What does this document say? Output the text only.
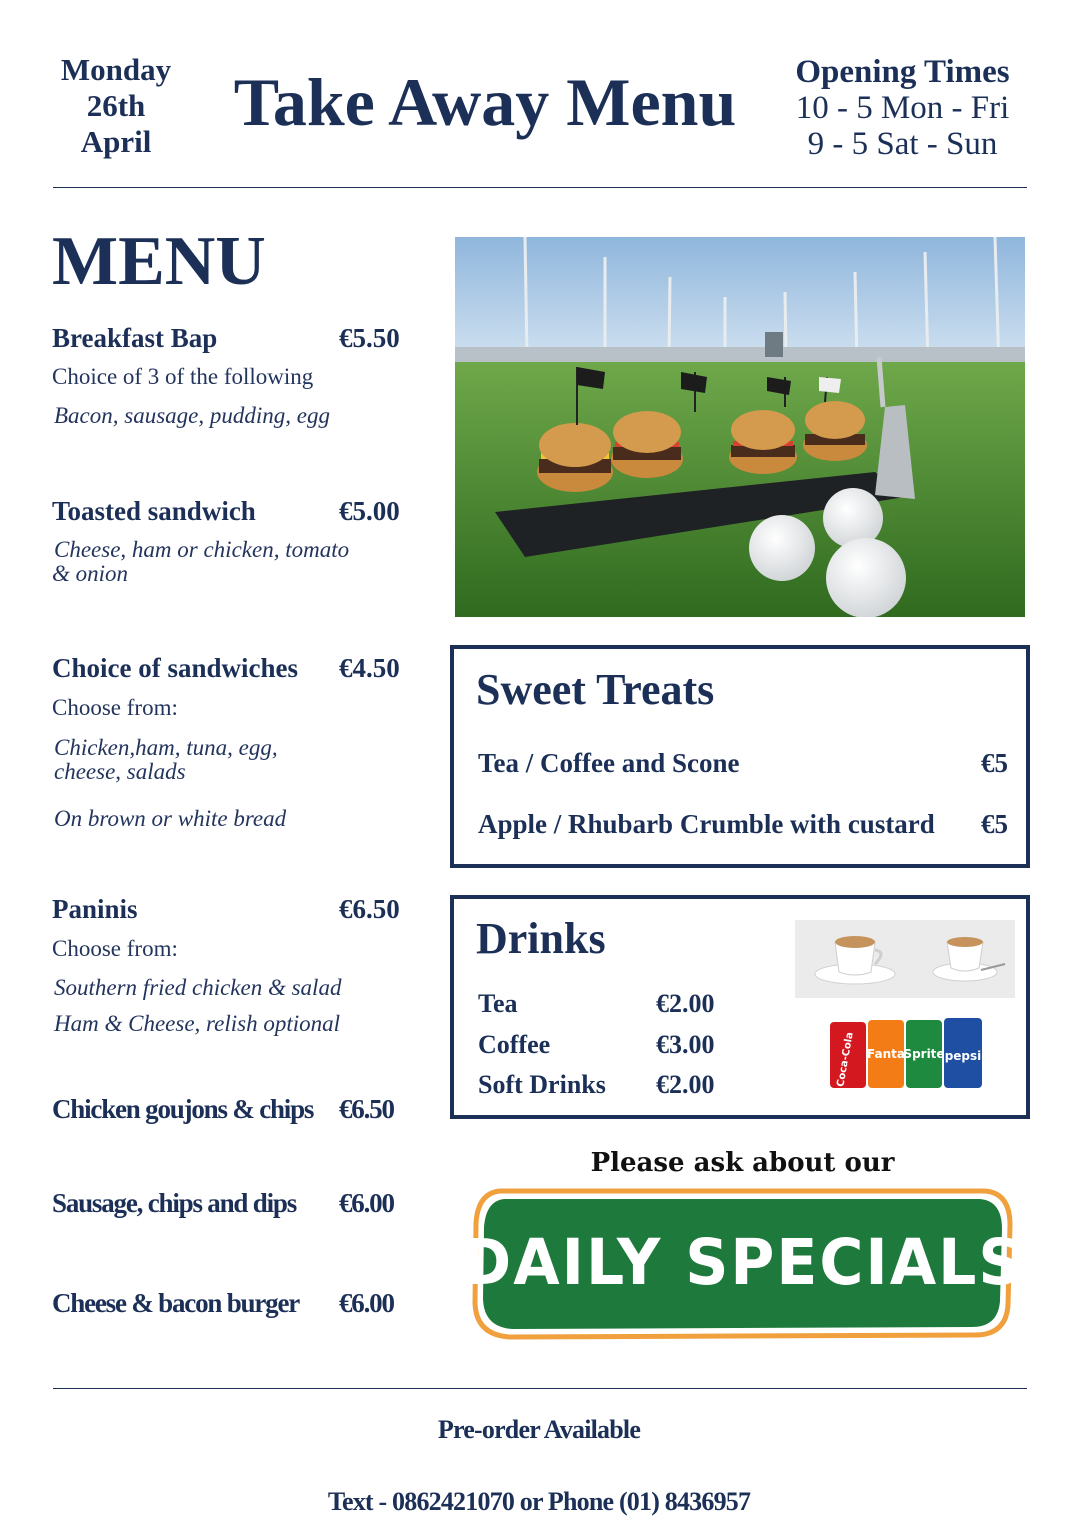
Monday
26th
April
Take Away Menu	Opening Times
10 - 5 Mon - Fri
9 - 5 Sat - Sun
MENU
Breakfast Bap	€5.50
Choice of 3 of the following
Bacon, sausage, pudding, egg
Toasted sandwich	€5.00
Cheese, ham or chicken, tomato
& onion
Choice of sandwiches €4.50
Choose from:
Chicken,ham, tuna, egg,
cheese, salads
On brown or white bread
Paninis	€6.50
Choose from:
Southern fried chicken & salad
Ham & Cheese, relish optional
Chicken goujons & chips €6.50
Sausage, chips and dips €6.00
Cheese & bacon burger €6.00
Sweet Treats
Tea / Coffee and Scone	€5
Apple / Rhubarb Crumble with custard €5
Drinks
Tea	€2.00
Coffee	€3.00
Soft Drinks €2.00	Coca-Cola Fanta
Sprite pepsi
Please ask about our
DAILY SPECIALS
Pre-order Available
Text - 0862421070 or Phone (01) 8436957
